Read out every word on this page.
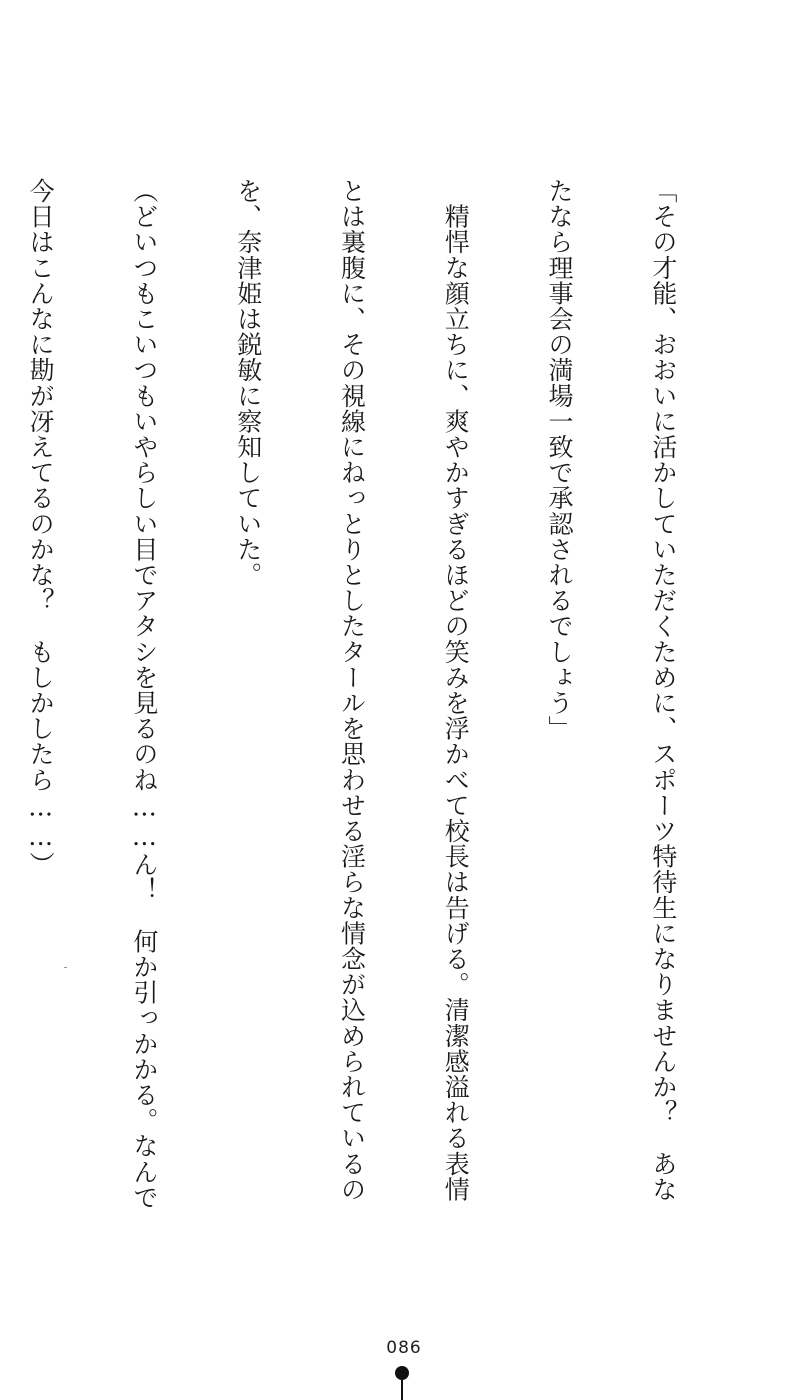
「その才能、おおいに活かしていただくために、スポーツ特待生になりませんか？　あな

たなら理事会の満場一致で承認されるでしょう」

　精悍な顔立ちに、爽やかすぎるほどの笑みを浮かべて校長は告げる。清潔感溢れる表情

とは裏腹に、その視線にねっとりとしたタールを思わせる淫らな情念が込められているの

を、奈津姫は鋭敏に察知していた。

（どいつもこいつもいやらしい目でアタシを見るのね……ん！　何か引っかかる。なんで

今日はこんなに勘が冴えてるのかな？　もしかしたら……）

086
